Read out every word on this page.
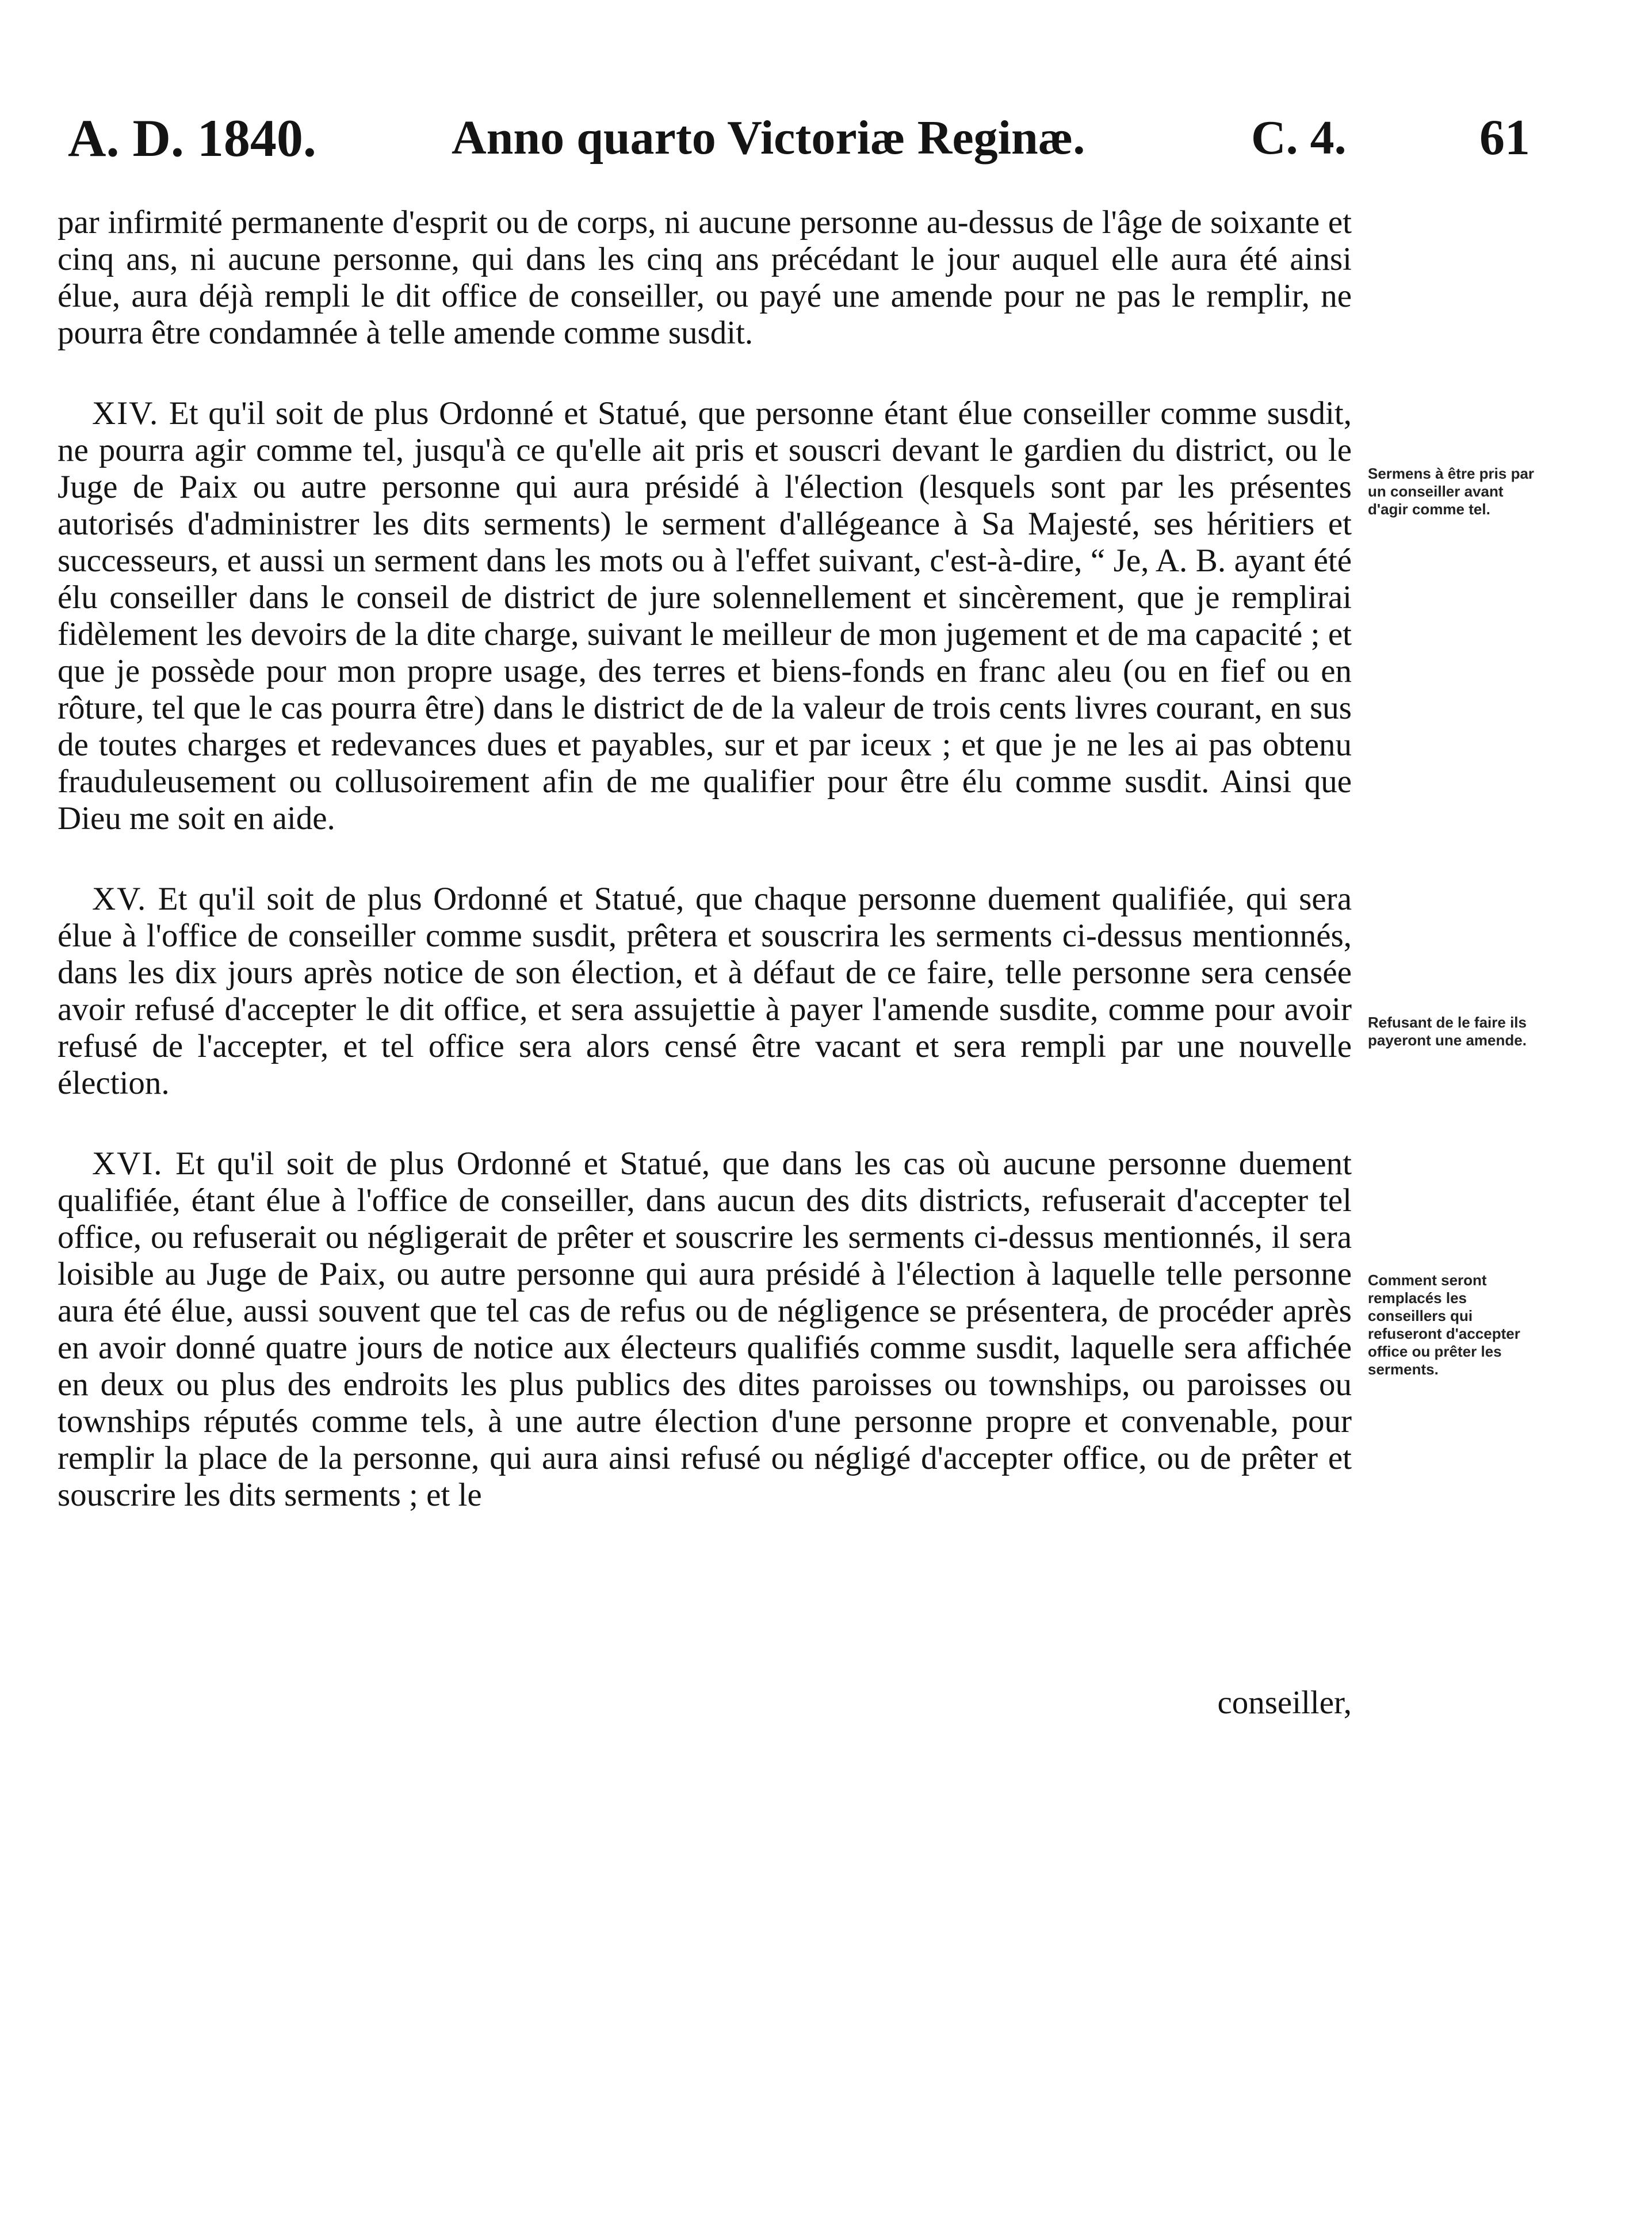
A. D. 1840.	Anno quarto Victoriæ Reginæ.	C. 4.	61

par infirmité permanente d'esprit ou de corps, ni aucune personne au-dessus de l'âge de soixante et cinq ans, ni aucune personne, qui dans les cinq ans précédant le jour auquel elle aura été ainsi élue, aura déjà rempli le dit office de conseiller, ou payé une amende pour ne pas le remplir, ne pourra être condamnée à telle amende comme susdit.

XIV. Et qu'il soit de plus Ordonné et Statué, que personne étant élue conseiller comme susdit, ne pourra agir comme tel, jusqu'à ce qu'elle ait pris et souscri devant le gardien du district, ou le Juge de Paix ou autre personne qui aura présidé à l'élection (lesquels sont par les présentes autorisés d'administrer les dits serments) le serment d'allégeance à Sa Majesté, ses héritiers et successeurs, et aussi un serment dans les mots ou à l'effet suivant, c'est-à-dire, “ Je, A. B. ayant été élu conseiller dans le conseil de district de jure solennellement et sincèrement, que je remplirai fidèlement les devoirs de la dite charge, suivant le meilleur de mon jugement et de ma capacité ; et que je possède pour mon propre usage, des terres et biens-fonds en franc aleu (ou en fief ou en rôture, tel que le cas pourra être) dans le district de de la valeur de trois cents livres courant, en sus de toutes charges et redevances dues et payables, sur et par iceux ; et que je ne les ai pas obtenu frauduleusement ou collusoirement afin de me qualifier pour être élu comme susdit. Ainsi que Dieu me soit en aide.

XV. Et qu'il soit de plus Ordonné et Statué, que chaque personne duement qualifiée, qui sera élue à l'office de conseiller comme susdit, prêtera et souscrira les serments ci-dessus mentionnés, dans les dix jours après notice de son élection, et à défaut de ce faire, telle personne sera censée avoir refusé d'accepter le dit office, et sera assujettie à payer l'amende susdite, comme pour avoir refusé de l'accepter, et tel office sera alors censé être vacant et sera rempli par une nouvelle élection.

XVI. Et qu'il soit de plus Ordonné et Statué, que dans les cas où aucune personne duement qualifiée, étant élue à l'office de conseiller, dans aucun des dits districts, refuserait d'accepter tel office, ou refuserait ou négligerait de prêter et souscrire les serments ci-dessus mentionnés, il sera loisible au Juge de Paix, ou autre personne qui aura présidé à l'élection à laquelle telle personne aura été élue, aussi souvent que tel cas de refus ou de négligence se présentera, de procéder après en avoir donné quatre jours de notice aux électeurs qualifiés comme susdit, laquelle sera affichée en deux ou plus des endroits les plus publics des dites paroisses ou townships, ou paroisses ou townships réputés comme tels, à une autre élection d'une personne propre et convenable, pour remplir la place de la personne, qui aura ainsi refusé ou négligé d'accepter office, ou de prêter et souscrire les dits serments ; et le

conseiller,
Sermens à être pris par un conseiller avant d'agir comme tel.
Refusant de le faire ils payeront une amende.
Comment seront remplacés les conseillers qui refuseront d'accepter office ou prêter les serments.
